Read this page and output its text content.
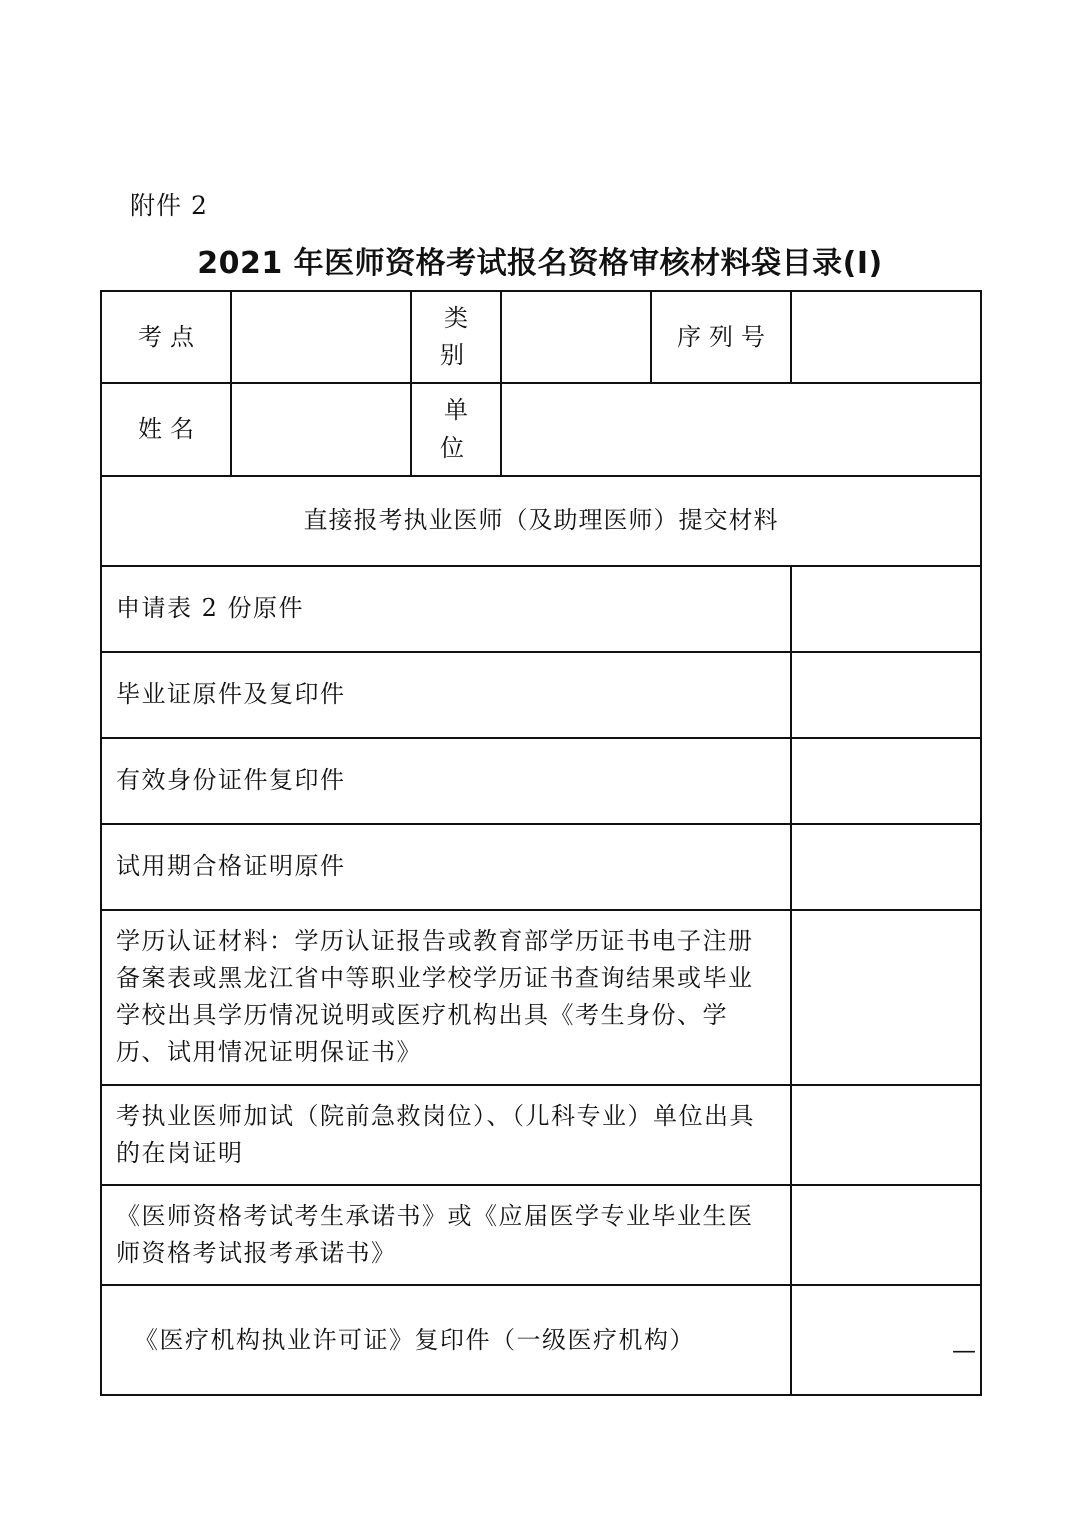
附件 2
2021 年医师资格考试报名资格审核材料袋目录(I)
考点		类别		序列号	
姓名		单位			
直接报考执业医师（及助理医师）提交材料					
申请表 2 份原件					
毕业证原件及复印件					
有效身份证件复印件					
试用期合格证明原件					
学历认证材料：学历认证报告或教育部学历证书电子注册备案表或黑龙江省中等职业学校学历证书查询结果或毕业学校出具学历情况说明或医疗机构出具《考生身份、学历、试用情况证明保证书》					
考执业医师加试（院前急救岗位）、（儿科专业）单位出具的在岗证明					
《医师资格考试考生承诺书》或《应届医学专业毕业生医师资格考试报考承诺书》					
《医疗机构执业许可证》复印件（一级医疗机构）						—
